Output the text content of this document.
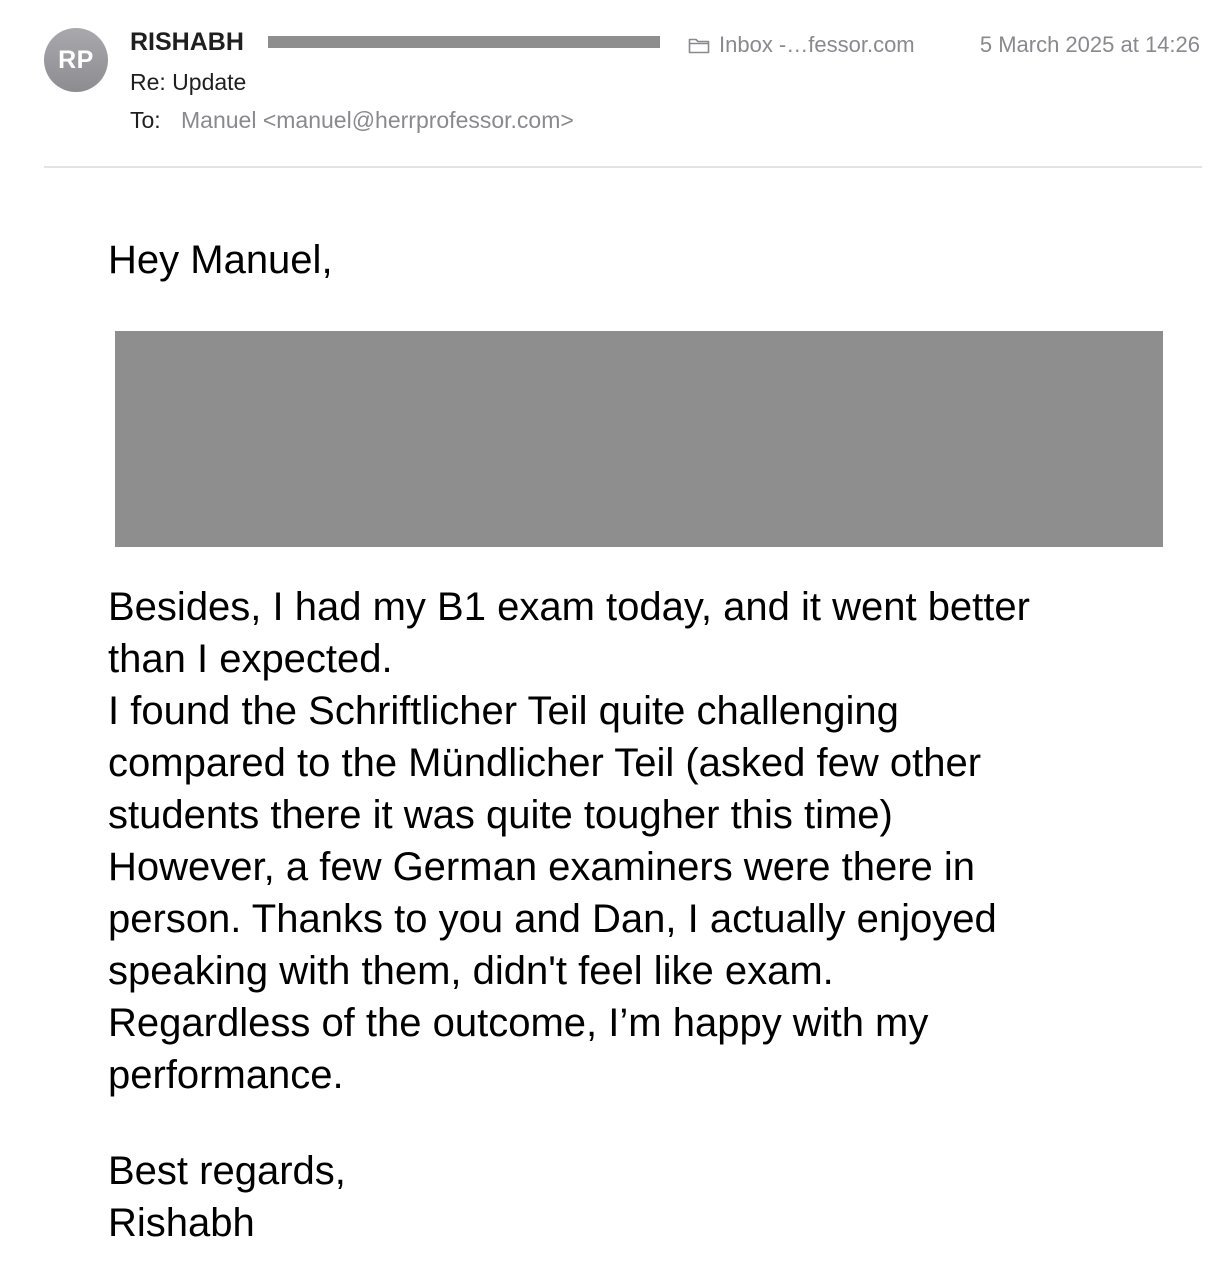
RP
RISHABH	Inbox -…fessor.com	5 March 2025 at 14:26
Re: Update
To: Manuel <manuel@herrprofessor.com>
Hey Manuel,
Besides, I had my B1 exam today, and it went better
than I expected.
I found the Schriftlicher Teil quite challenging
compared to the Mündlicher Teil (asked few other
students there it was quite tougher this time)
However, a few German examiners were there in
person. Thanks to you and Dan, I actually enjoyed
speaking with them, didn't feel like exam.
Regardless of the outcome, I’m happy with my
performance.
Best regards,
Rishabh
